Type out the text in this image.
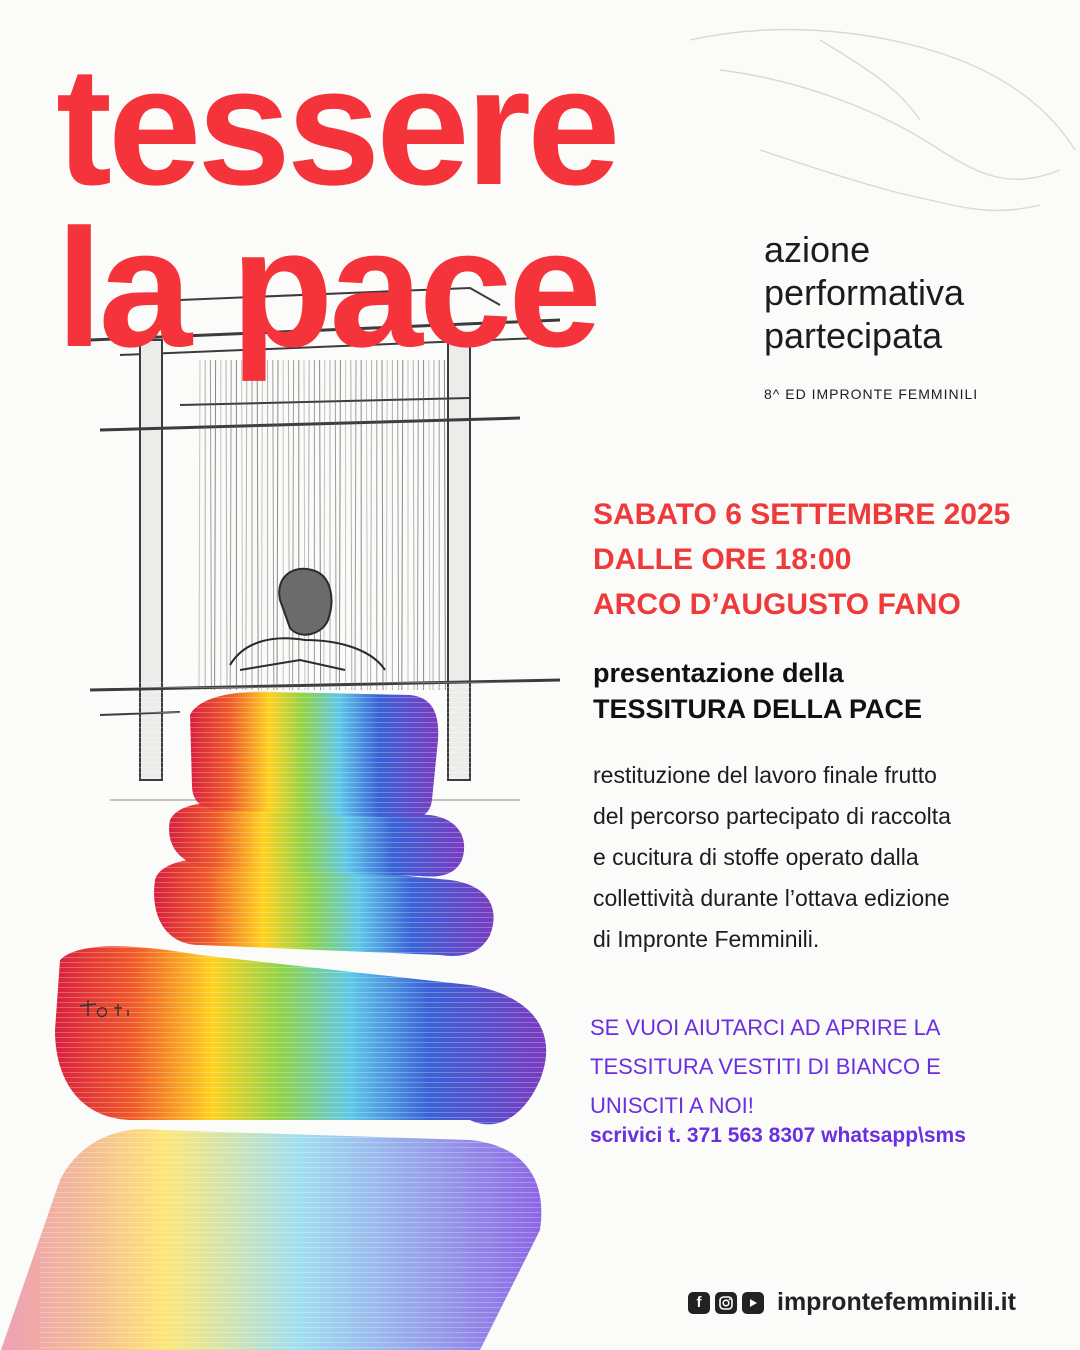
tessere
la pace	azione
performativa
partecipata
8^ ED IMPRONTE FEMMINILI
SABATO 6 SETTEMBRE 2025
DALLE ORE 18:00
ARCO D’AUGUSTO FANO
presentazione della
TESSITURA DELLA PACE
restituzione del lavoro finale frutto
del percorso partecipato di raccolta
e cucitura di stoffe operato dalla
collettività durante l’ottava edizione
di Impronte Femminili.
SE VUOI AIUTARCI AD APRIRE LA
TESSITURA VESTITI DI BIANCO E
UNISCITI A NOI!
scrivici t. 371 563 8307 whatsapp\sms
f	improntefemminili.it
